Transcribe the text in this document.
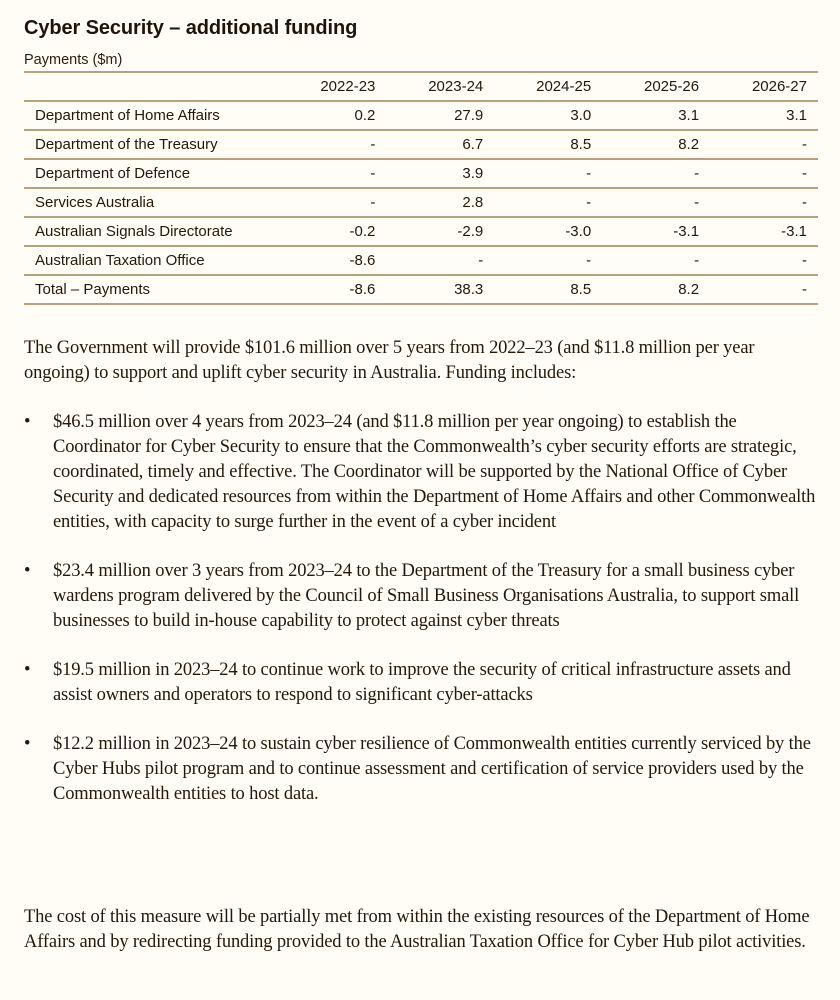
Cyber Security – additional funding
Payments ($m)
	2022-23	2023-24	2024-25	2025-26	2026-27
Department of Home Affairs	0.2	27.9	3.0	3.1	3.1
Department of the Treasury	-	6.7	8.5	8.2	-
Department of Defence	-	3.9	-	-	-
Services Australia	-	2.8	-	-	-
Australian Signals Directorate	-0.2	-2.9	-3.0	-3.1	-3.1
Australian Taxation Office	-8.6	-	-	-	-
Total – Payments	-8.6	38.3	8.5	8.2	-

The Government will provide $101.6 million over 5 years from 2022–23 (and $11.8 million per year ongoing) to support and uplift cyber security in Australia. Funding includes:

•	$46.5 million over 4 years from 2023–24 (and $11.8 million per year ongoing) to establish the Coordinator for Cyber Security to ensure that the Commonwealth’s cyber security efforts are strategic, coordinated, timely and effective. The Coordinator will be supported by the National Office of Cyber Security and dedicated resources from within the Department of Home Affairs and other Commonwealth entities, with capacity to surge further in the event of a cyber incident
•	$23.4 million over 3 years from 2023–24 to the Department of the Treasury for a small business cyber wardens program delivered by the Council of Small Business Organisations Australia, to support small businesses to build in-house capability to protect against cyber threats
•	$19.5 million in 2023–24 to continue work to improve the security of critical infrastructure assets and assist owners and operators to respond to significant cyber-attacks
•	$12.2 million in 2023–24 to sustain cyber resilience of Commonwealth entities currently serviced by the Cyber Hubs pilot program and to continue assessment and certification of service providers used by the Commonwealth entities to host data.

The cost of this measure will be partially met from within the existing resources of the Department of Home Affairs and by redirecting funding provided to the Australian Taxation Office for Cyber Hub pilot activities.
